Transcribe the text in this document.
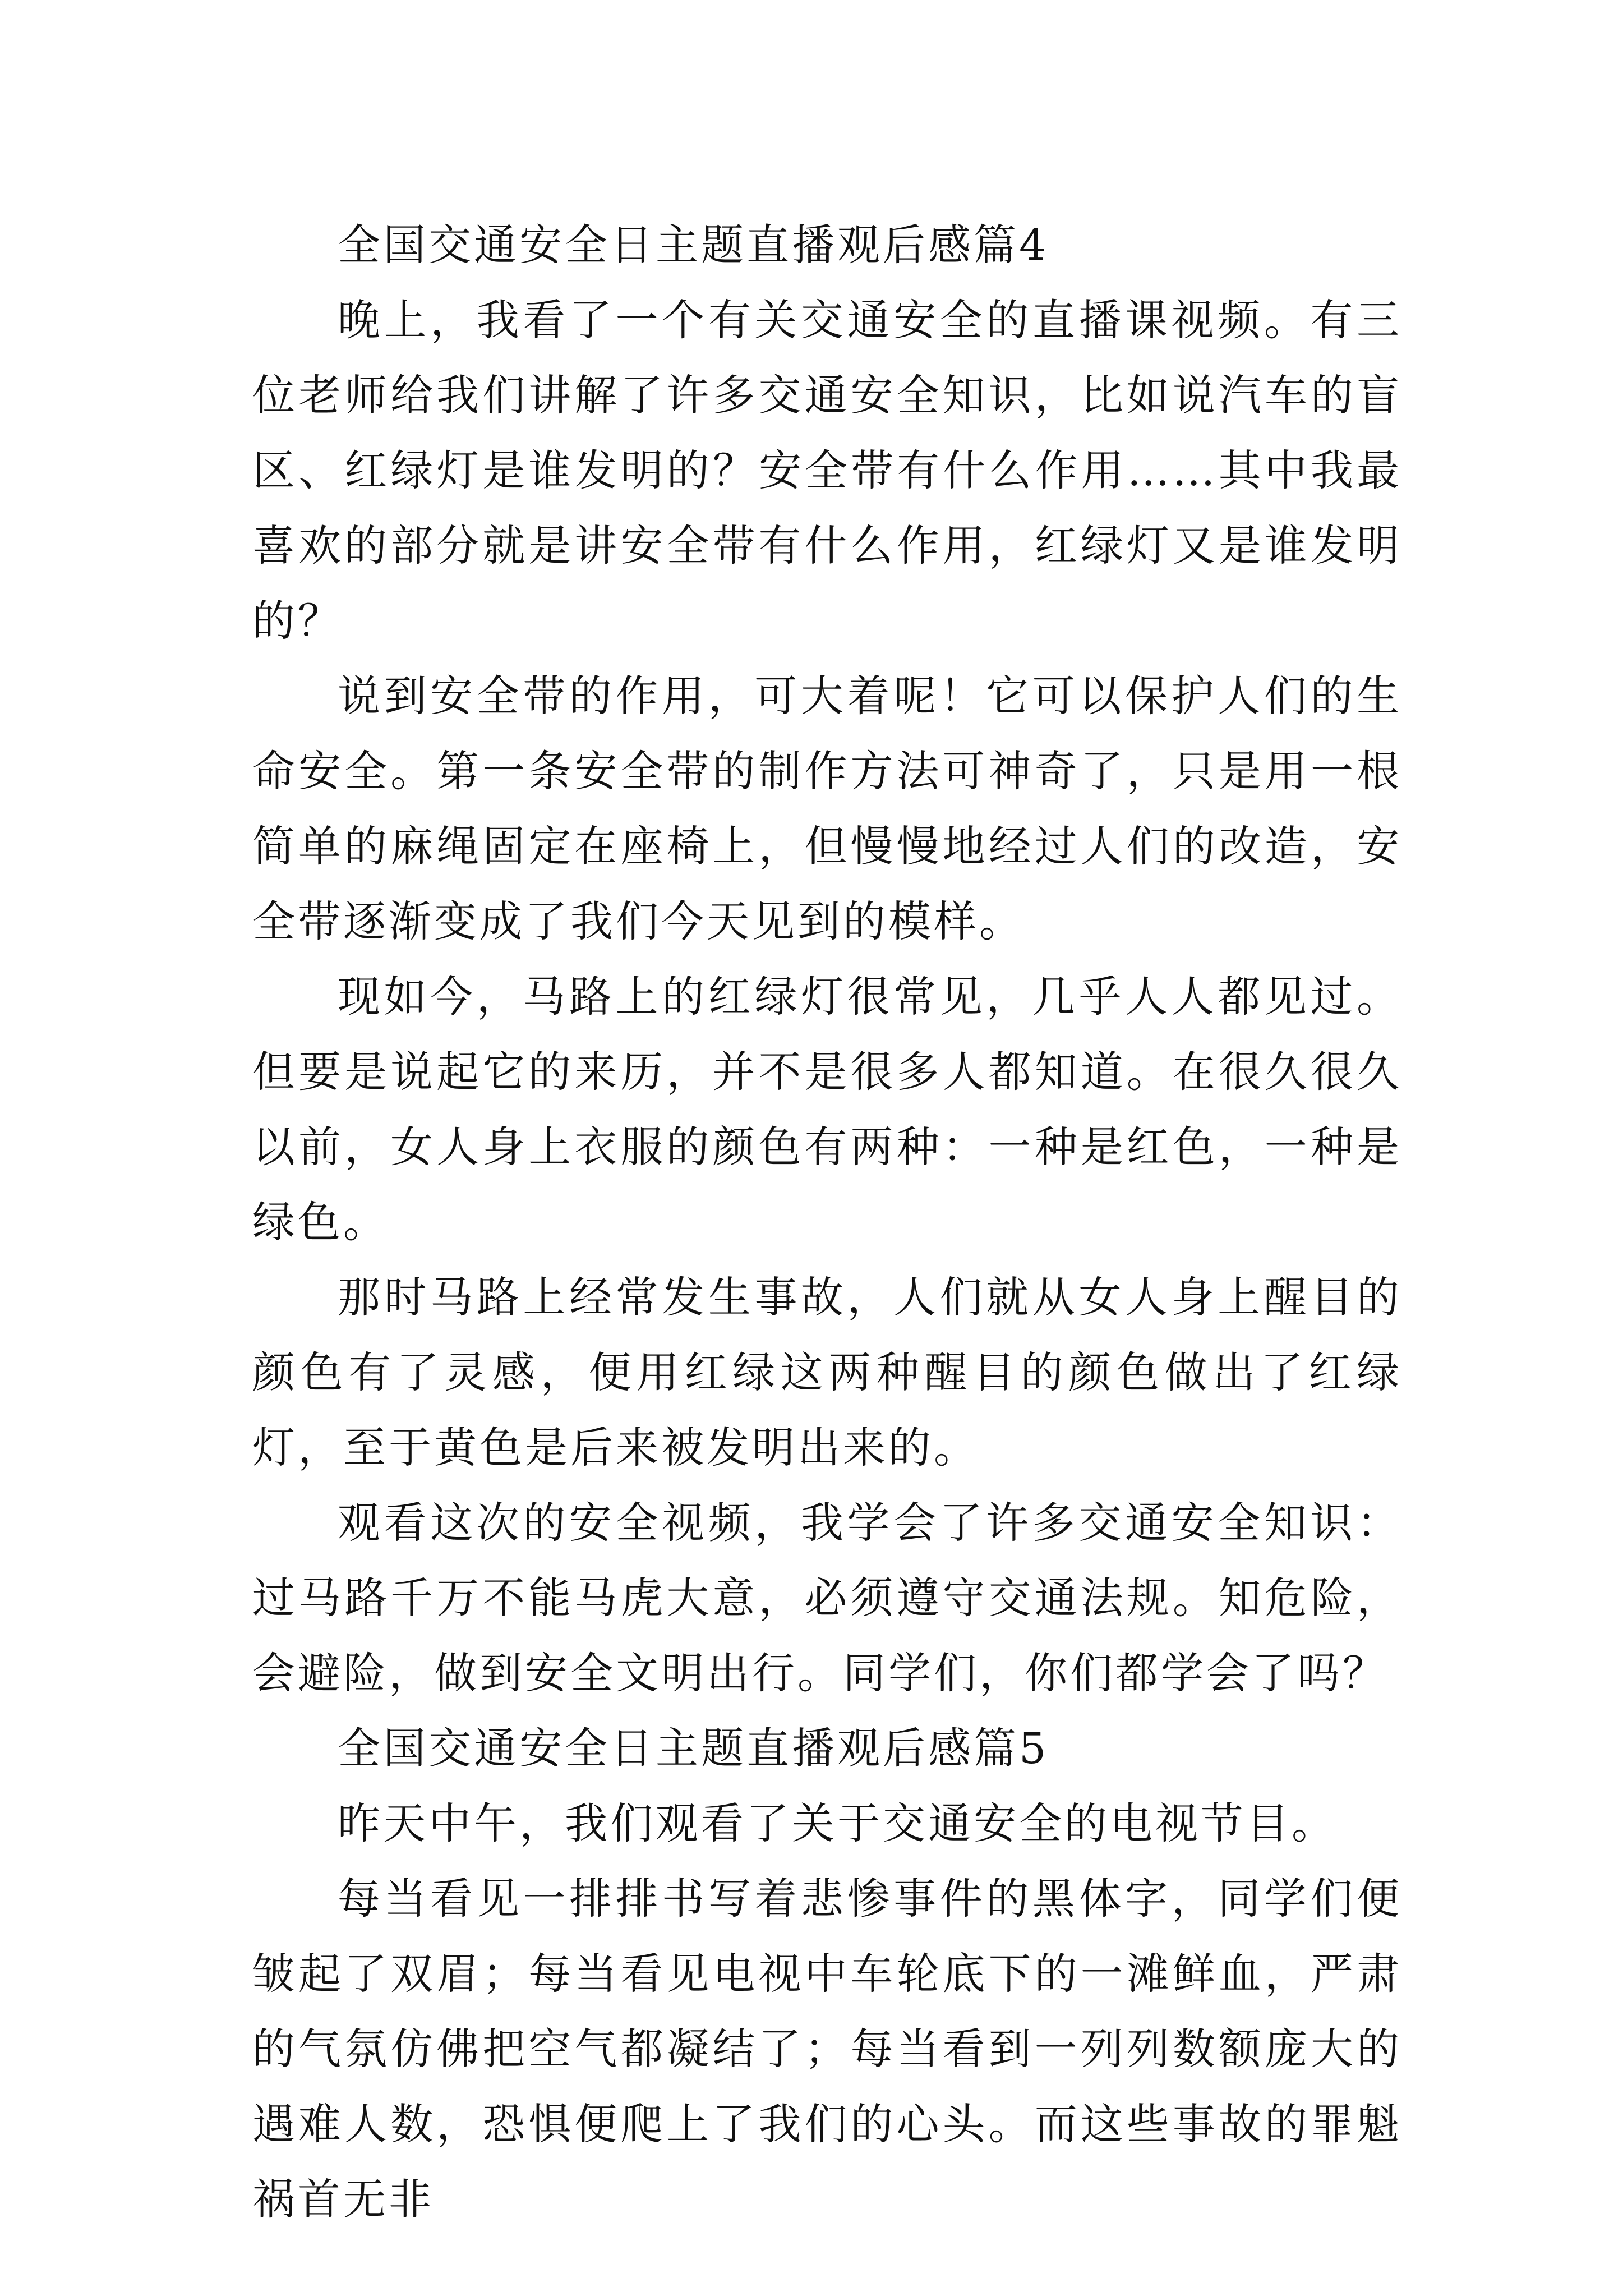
全国交通安全日主题直播观后感篇4

晚上，我看了一个有关交通安全的直播课视频。有三位老师给我们讲解了许多交通安全知识，比如说汽车的盲区、红绿灯是谁发明的？安全带有什么作用……其中我最喜欢的部分就是讲安全带有什么作用，红绿灯又是谁发明的？

说到安全带的作用，可大着呢！它可以保护人们的生命安全。第一条安全带的制作方法可神奇了，只是用一根简单的麻绳固定在座椅上，但慢慢地经过人们的改造，安全带逐渐变成了我们今天见到的模样。

现如今，马路上的红绿灯很常见，几乎人人都见过。但要是说起它的来历，并不是很多人都知道。在很久很久以前，女人身上衣服的颜色有两种：一种是红色，一种是绿色。

那时马路上经常发生事故，人们就从女人身上醒目的颜色有了灵感，便用红绿这两种醒目的颜色做出了红绿灯，至于黄色是后来被发明出来的。

观看这次的安全视频，我学会了许多交通安全知识：过马路千万不能马虎大意，必须遵守交通法规。知危险，会避险，做到安全文明出行。同学们，你们都学会了吗？

全国交通安全日主题直播观后感篇5

昨天中午，我们观看了关于交通安全的电视节目。

每当看见一排排书写着悲惨事件的黑体字，同学们便皱起了双眉；每当看见电视中车轮底下的一滩鲜血，严肃的气氛仿佛把空气都凝结了；每当看到一列列数额庞大的遇难人数，恐惧便爬上了我们的心头。而这些事故的罪魁祸首无非
